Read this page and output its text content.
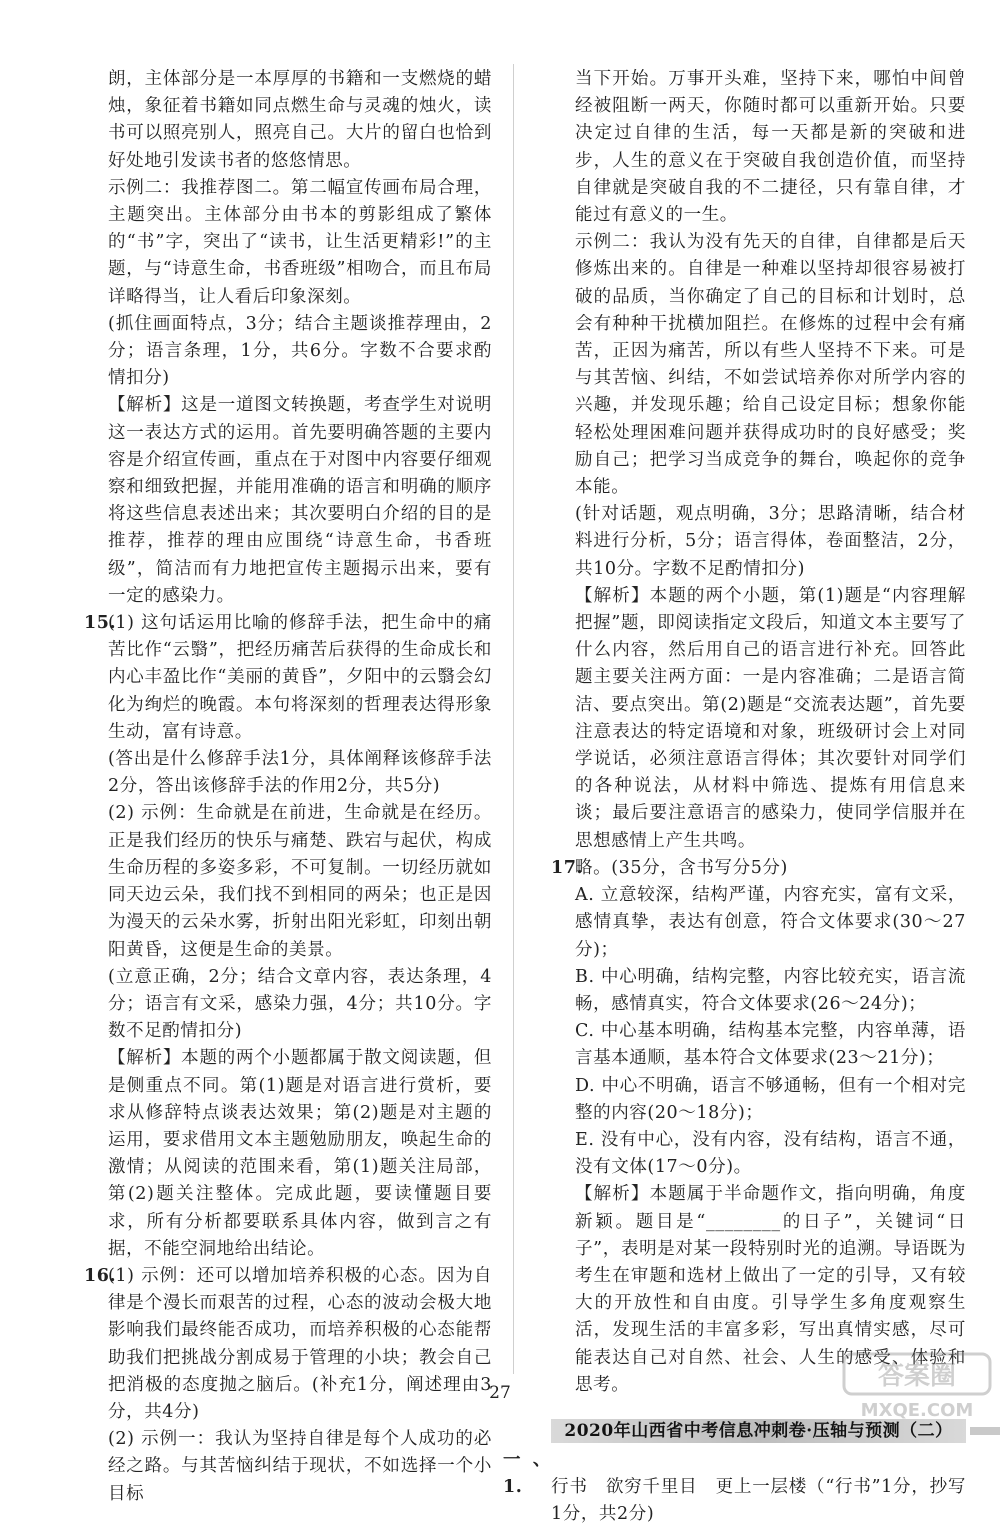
朗，主体部分是一本厚厚的书籍和一支燃烧的蜡烛，象征着书籍如同点燃生命与灵魂的烛火，读书可以照亮别人，照亮自己。大片的留白也恰到好处地引发读书者的悠悠情思。

示例二：我推荐图二。第二幅宣传画布局合理，主题突出。主体部分由书本的剪影组成了繁体的“书”字，突出了“读书，让生活更精彩!”的主题，与“诗意生命，书香班级”相吻合，而且布局详略得当，让人看后印象深刻。

(抓住画面特点，3分；结合主题谈推荐理由，2分；语言条理，1分，共6分。字数不合要求酌情扣分)

【解析】这是一道图文转换题，考查学生对说明这一表达方式的运用。首先要明确答题的主要内容是介绍宣传画，重点在于对图中内容要仔细观察和细致把握，并能用准确的语言和明确的顺序将这些信息表述出来；其次要明白介绍的目的是推荐，推荐的理由应围绕“诗意生命，书香班级”，简洁而有力地把宣传主题揭示出来，要有一定的感染力。

15.(1) 这句话运用比喻的修辞手法，把生命中的痛苦比作“云翳”，把经历痛苦后获得的生命成长和内心丰盈比作“美丽的黄昏”，夕阳中的云翳会幻化为绚烂的晚霞。本句将深刻的哲理表达得形象生动，富有诗意。

(答出是什么修辞手法1分，具体阐释该修辞手法2分，答出该修辞手法的作用2分，共5分)

(2) 示例：生命就是在前进，生命就是在经历。正是我们经历的快乐与痛楚、跌宕与起伏，构成生命历程的多姿多彩，不可复制。一切经历就如同天边云朵，我们找不到相同的两朵；也正是因为漫天的云朵水雾，折射出阳光彩虹，印刻出朝阳黄昏，这便是生命的美景。

(立意正确，2分；结合文章内容，表达条理，4分；语言有文采，感染力强，4分；共10分。字数不足酌情扣分)

【解析】本题的两个小题都属于散文阅读题，但是侧重点不同。第(1)题是对语言进行赏析，要求从修辞特点谈表达效果；第(2)题是对主题的运用，要求借用文本主题勉励朋友，唤起生命的激情；从阅读的范围来看，第(1)题关注局部，第(2)题关注整体。完成此题，要读懂题目要求，所有分析都要联系具体内容，做到言之有据，不能空洞地给出结论。

16.(1) 示例：还可以增加培养积极的心态。因为自律是个漫长而艰苦的过程，心态的波动会极大地影响我们最终能否成功，而培养积极的心态能帮助我们把挑战分割成易于管理的小块；教会自己把消极的态度抛之脑后。(补充1分，阐述理由3分，共4分)

(2) 示例一：我认为坚持自律是每个人成功的必经之路。与其苦恼纠结于现状，不如选择一个小目标

当下开始。万事开头难，坚持下来，哪怕中间曾经被阻断一两天，你随时都可以重新开始。只要决定过自律的生活，每一天都是新的突破和进步，人生的意义在于突破自我创造价值，而坚持自律就是突破自我的不二捷径，只有靠自律，才能过有意义的一生。

示例二：我认为没有先天的自律，自律都是后天修炼出来的。自律是一种难以坚持却很容易被打破的品质，当你确定了自己的目标和计划时，总会有种种干扰横加阻拦。在修炼的过程中会有痛苦，正因为痛苦，所以有些人坚持不下来。可是与其苦恼、纠结，不如尝试培养你对所学内容的兴趣，并发现乐趣；给自己设定目标；想象你能轻松处理困难问题并获得成功时的良好感受；奖励自己；把学习当成竞争的舞台，唤起你的竞争本能。

(针对话题，观点明确，3分；思路清晰，结合材料进行分析，5分；语言得体，卷面整洁，2分，共10分。字数不足酌情扣分)

【解析】本题的两个小题，第(1)题是“内容理解把握”题，即阅读指定文段后，知道文本主要写了什么内容，然后用自己的语言进行补充。回答此题主要关注两方面：一是内容准确；二是语言简洁、要点突出。第(2)题是“交流表达题”，首先要注意表达的特定语境和对象，班级研讨会上对同学说话，必须注意语言得体；其次要针对同学们的各种说法，从材料中筛选、提炼有用信息来谈；最后要注意语言的感染力，使同学信服并在思想感情上产生共鸣。

17.略。(35分，含书写分5分)

A. 立意较深，结构严谨，内容充实，富有文采，感情真挚，表达有创意，符合文体要求(30～27分)；

B. 中心明确，结构完整，内容比较充实，语言流畅，感情真实，符合文体要求(26～24分)；

C. 中心基本明确，结构基本完整，内容单薄，语言基本通顺，基本符合文体要求(23～21分)；

D. 中心不明确，语言不够通畅，但有一个相对完整的内容(20～18分)；

E. 没有中心，没有内容，没有结构，语言不通，没有文体(17～0分)。

【解析】本题属于半命题作文，指向明确，角度新颖。题目是“________的日子”，关键词“日子”，表明是对某一段特别时光的追溯。导语既为考生在审题和选材上做出了一定的引导，又有较大的开放性和自由度。引导学生多角度观察生活，发现生活的丰富多彩，写出真情实感，尽可能表达自己对自然、社会、人生的感受、体验和思考。

2020年山西省中考信息冲刺卷·压轴与预测（二）

一、1. 行书　欲穷千里目　更上一层楼（“行书”1分，抄写1分，共2分)

27
答案圈
MXQE.COM
